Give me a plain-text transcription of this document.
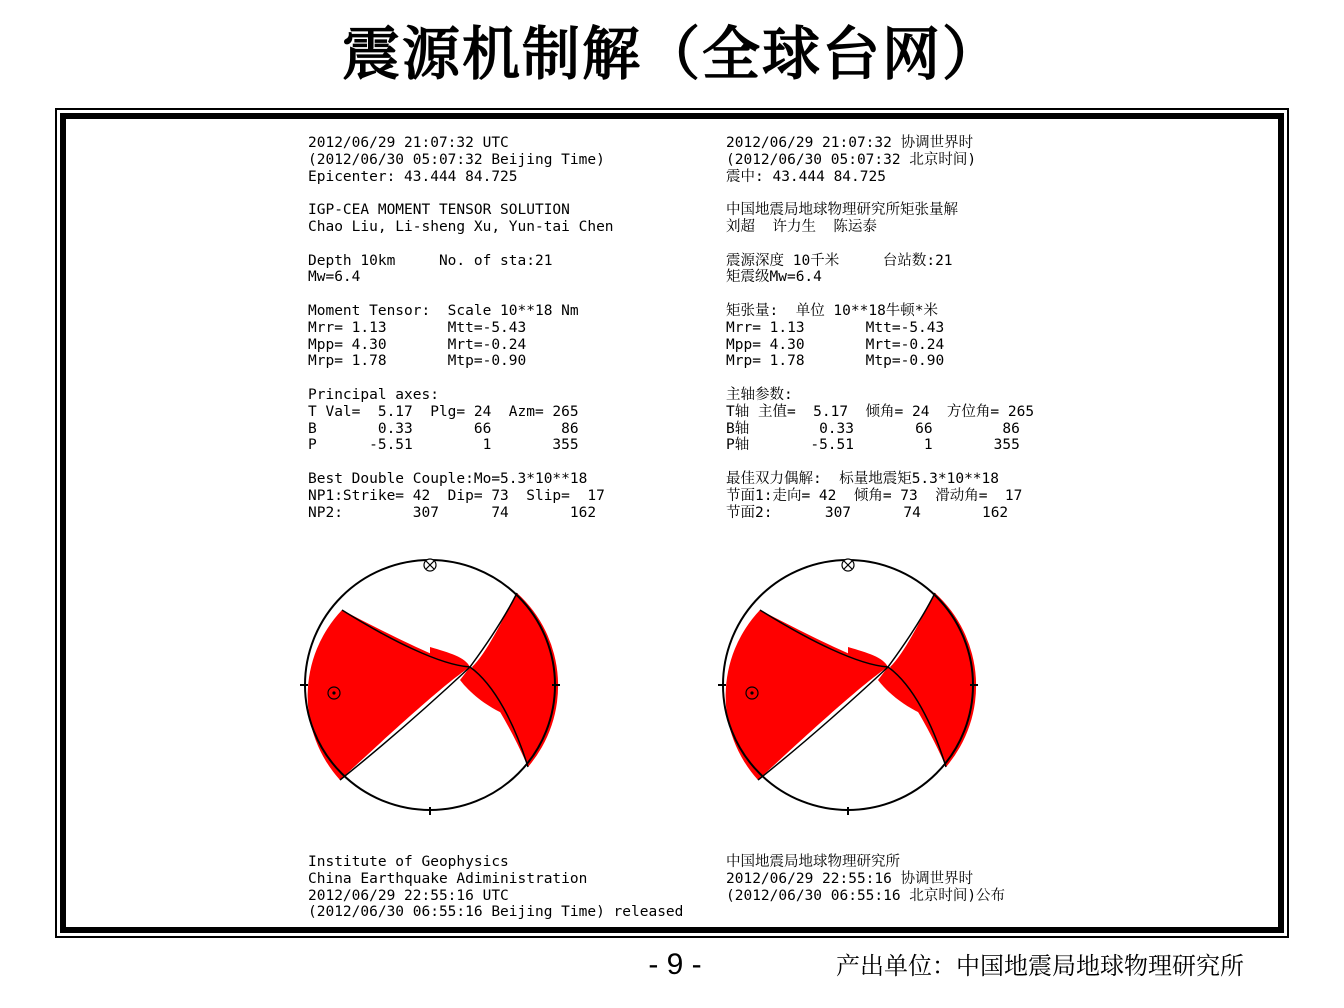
震源机制解（全球台网）
2012/06/29 21:07:32 UTC
(2012/06/30 05:07:32 Beijing Time)
Epicenter: 43.444 84.725
IGP-CEA MOMENT TENSOR SOLUTION
Chao Liu, Li-sheng Xu, Yun-tai Chen
Depth 10km     No. of sta:21
Mw=6.4
Moment Tensor:  Scale 10**18 Nm
Mrr= 1.13       Mtt=-5.43
Mpp= 4.30       Mrt=-0.24
Mrp= 1.78       Mtp=-0.90
Principal axes:
T Val=  5.17  Plg= 24  Azm= 265
B       0.33       66        86
P      -5.51        1       355
Best Double Couple:Mo=5.3*10**18
NP1:Strike= 42  Dip= 73  Slip=  17
NP2:        307      74       162
2012/06/29 21:07:32 协调世界时
(2012/06/30 05:07:32 北京时间)
震中: 43.444 84.725
中国地震局地球物理研究所矩张量解
刘超  许力生  陈运泰
震源深度 10千米     台站数:21
矩震级Mw=6.4
矩张量:  单位 10**18牛顿*米
Mrr= 1.13       Mtt=-5.43
Mpp= 4.30       Mrt=-0.24
Mrp= 1.78       Mtp=-0.90
主轴参数:
T轴 主值=  5.17  倾角= 24  方位角= 265
B轴        0.33       66        86
P轴       -5.51        1       355
最佳双力偶解:  标量地震矩5.3*10**18
节面1:走向= 42  倾角= 73  滑动角=  17
节面2:      307      74       162
Institute of Geophysics
China Earthquake Adiministration
2012/06/29 22:55:16 UTC
(2012/06/30 06:55:16 Beijing Time) released
中国地震局地球物理研究所
2012/06/29 22:55:16 协调世界时
(2012/06/30 06:55:16 北京时间)公布
- 9 -	产出单位：中国地震局地球物理研究所
